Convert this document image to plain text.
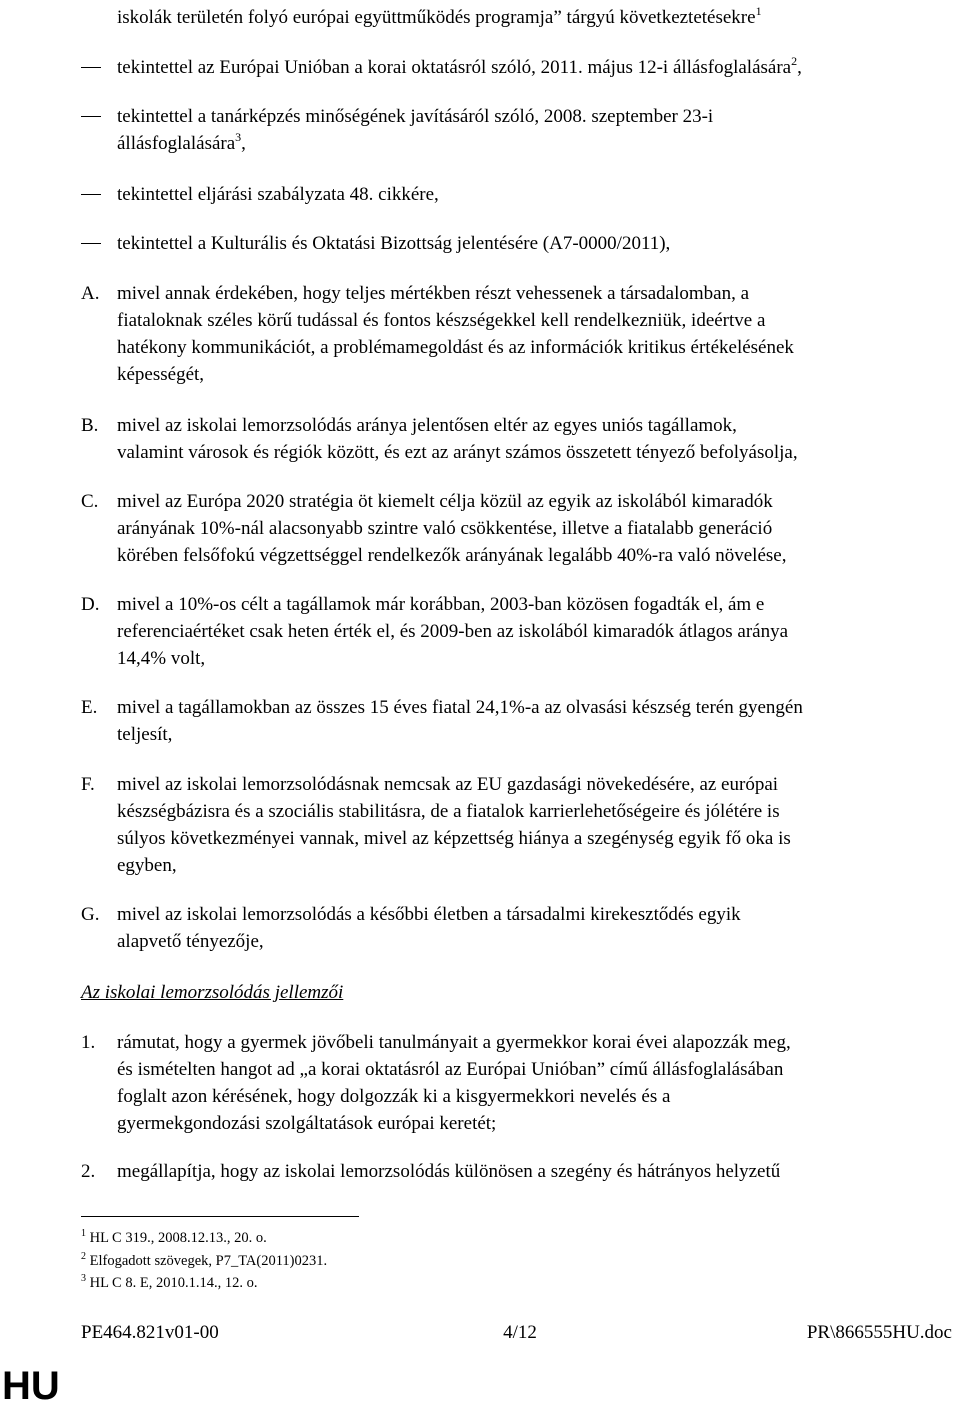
iskolák területén folyó európai együttműködés programja” tárgyú következtetésekre$^1$
tekintettel az Európai Unióban a korai oktatásról szóló, 2011. május 12-i állásfoglalására$^2$,
tekintettel a tanárképzés minőségének javításáról szóló, 2008. szeptember 23-i
állásfoglalására$^3$,
tekintettel eljárási szabályzata 48. cikkére,
tekintettel a Kulturális és Oktatási Bizottság jelentésére (A7-0000/2011),
A. mivel annak érdekében, hogy teljes mértékben részt vehessenek a társadalomban, a
fiataloknak széles körű tudással és fontos készségekkel kell rendelkezniük, ideértve a
hatékony kommunikációt, a problémamegoldást és az információk kritikus értékelésének
képességét,
B. mivel az iskolai lemorzsolódás aránya jelentősen eltér az egyes uniós tagállamok,
valamint városok és régiók között, és ezt az arányt számos összetett tényező befolyásolja,
C. mivel az Európa 2020 stratégia öt kiemelt célja közül az egyik az iskolából kimaradók
arányának 10%-nál alacsonyabb szintre való csökkentése, illetve a fiatalabb generáció
körében felsőfokú végzettséggel rendelkezők arányának legalább 40%-ra való növelése,
D. mivel a 10%-os célt a tagállamok már korábban, 2003-ban közösen fogadták el, ám e
referenciaértéket csak heten érték el, és 2009-ben az iskolából kimaradók átlagos aránya
14,4% volt,
E. mivel a tagállamokban az összes 15 éves fiatal 24,1%-a az olvasási készség terén gyengén
teljesít,
F. mivel az iskolai lemorzsolódásnak nemcsak az EU gazdasági növekedésére, az európai
készségbázisra és a szociális stabilitásra, de a fiatalok karrierlehetőségeire és jólétére is
súlyos következményei vannak, mivel az képzettség hiánya a szegénység egyik fő oka is
egyben,
G. mivel az iskolai lemorzsolódás a későbbi életben a társadalmi kirekesztődés egyik
alapvető tényezője,
Az iskolai lemorzsolódás jellemzői
1. rámutat, hogy a gyermek jövőbeli tanulmányait a gyermekkor korai évei alapozzák meg,
és ismételten hangot ad „a korai oktatásról az Európai Unióban” című állásfoglalásában
foglalt azon kérésének, hogy dolgozzák ki a kisgyermekkori nevelés és a
gyermekgondozási szolgáltatások európai keretét;
2. megállapítja, hogy az iskolai lemorzsolódás különösen a szegény és hátrányos helyzetű
$^1$ HL C 319., 2008.12.13., 20. o.
$^2$ Elfogadott szövegek, P7_TA(2011)0231.
$^3$ HL C 8. E, 2010.1.14., 12. o.
PE464.821v01-00	4/12	PR\866555HU.doc
HU
